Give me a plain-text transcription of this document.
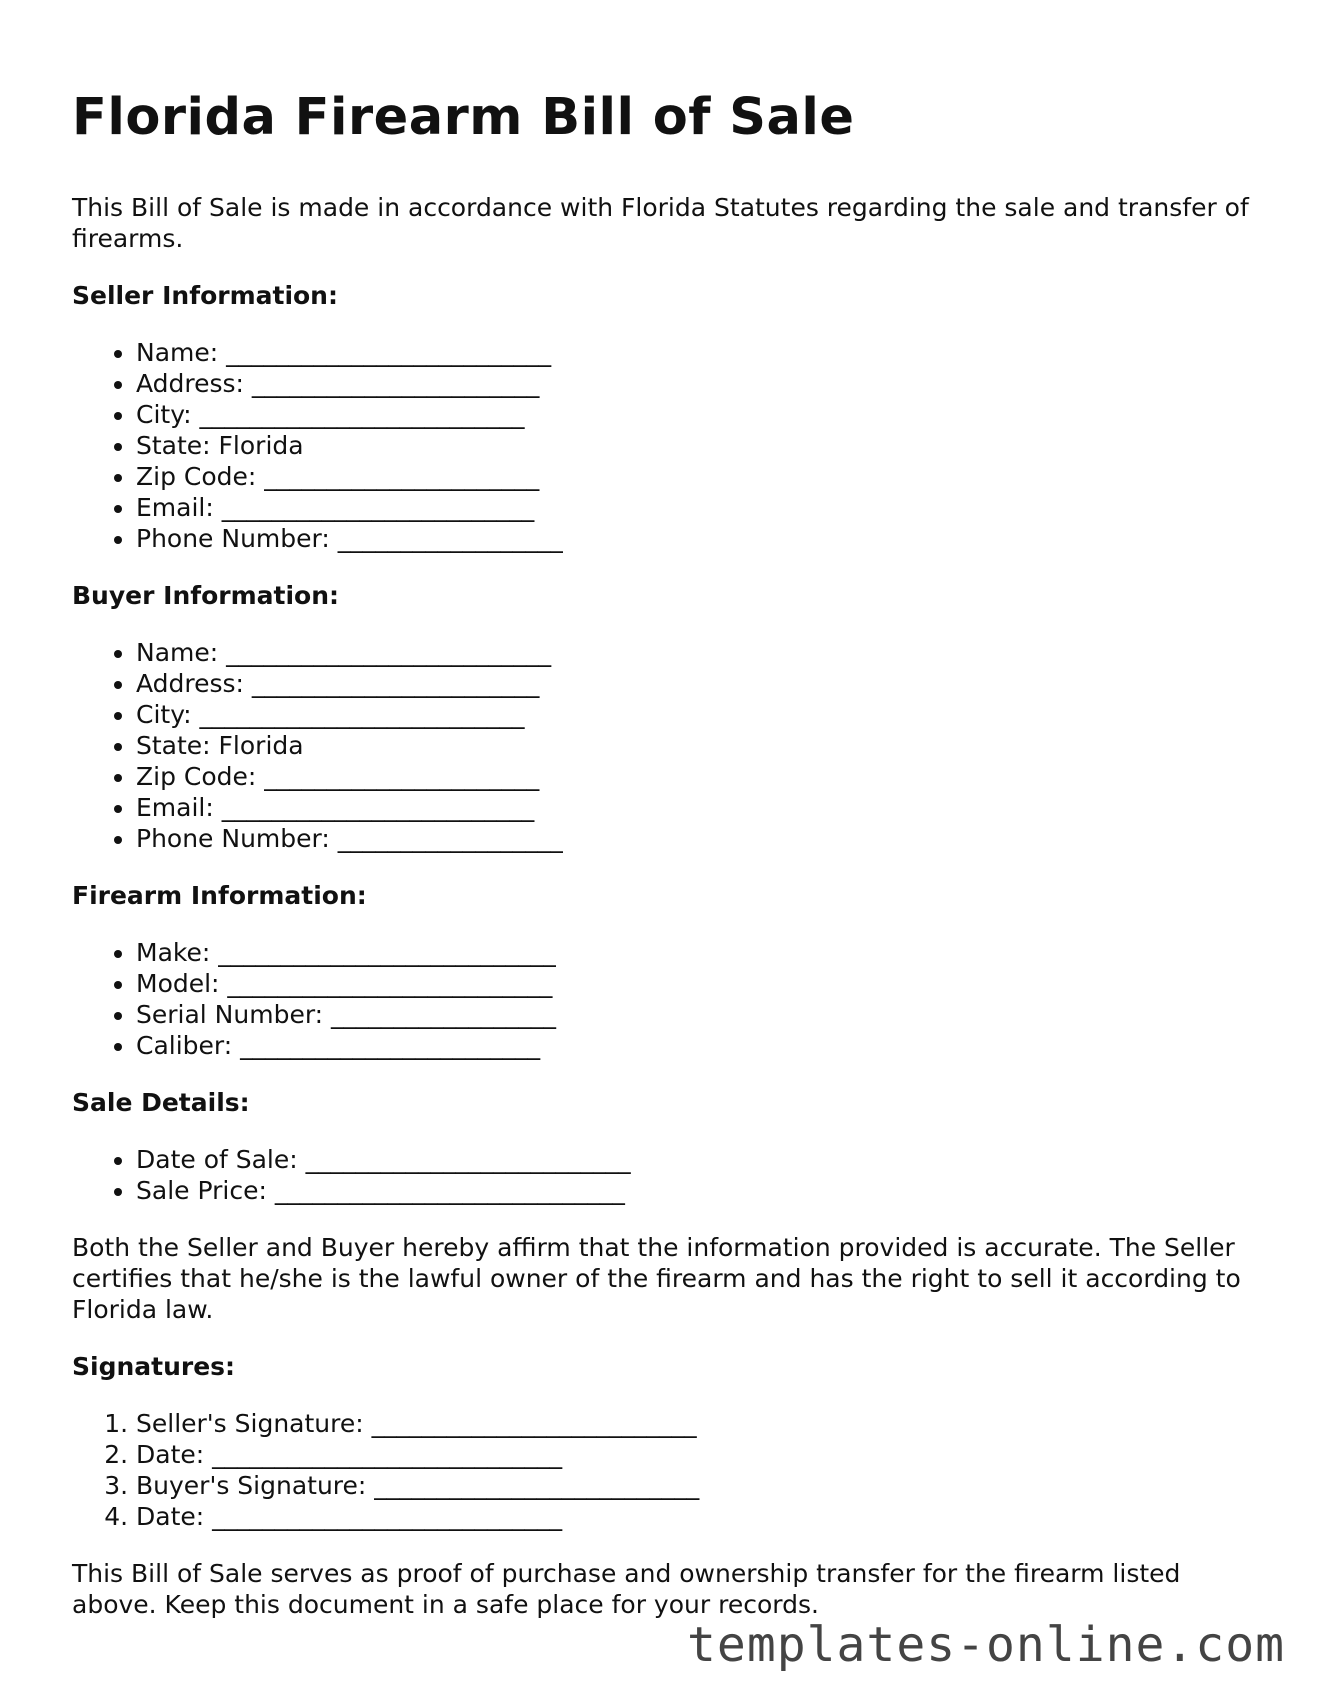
Florida Firearm Bill of Sale

This Bill of Sale is made in accordance with Florida Statutes regarding the sale and transfer of firearms.

Seller Information:
• Name: __________________________
• Address: _______________________
• City: __________________________
• State: Florida
• Zip Code: ______________________
• Email: _________________________
• Phone Number: __________________
Buyer Information:
• Name: __________________________
• Address: _______________________
• City: __________________________
• State: Florida
• Zip Code: ______________________
• Email: _________________________
• Phone Number: __________________
Firearm Information:
• Make: ___________________________
• Model: __________________________
• Serial Number: __________________
• Caliber: ________________________
Sale Details:
• Date of Sale: __________________________
• Sale Price: ____________________________

Both the Seller and Buyer hereby affirm that the information provided is accurate. The Seller certifies that he/she is the lawful owner of the firearm and has the right to sell it according to Florida law.

Signatures:
1. Seller's Signature: __________________________
2. Date: ____________________________
3. Buyer's Signature: __________________________
4. Date: ____________________________

This Bill of Sale serves as proof of purchase and ownership transfer for the firearm listed above. Keep this document in a safe place for your records.

templates-online.com
